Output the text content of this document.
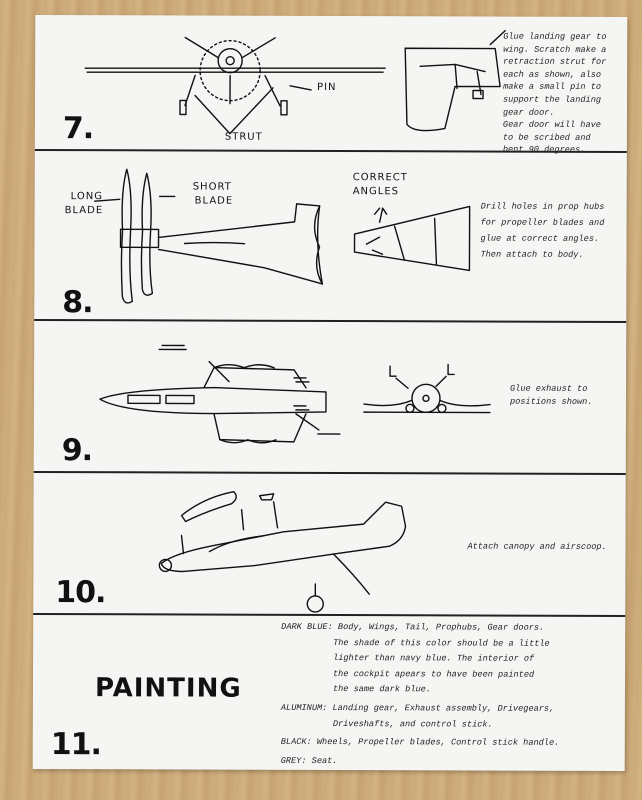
7.
PIN
STRUT
Glue landing gear to
wing. Scratch make a
retraction strut for
each as shown, also
make a small pin to
support the landing
gear door.
Gear door will have
to be scribed and
bent 90 degrees.
8.
LONG
BLADE
SHORT
BLADE
CORRECT
ANGLES
Drill holes in prop hubs
for propeller blades and
glue at correct angles.
Then attach to body.
9.
Glue exhaust to
positions shown.
10.
Attach canopy and airscoop.
11.
PAINTING
DARK BLUE: Body, Wings, Tail, Prophubs, Gear doors.
The shade of this color should be a little
lighter than navy blue. The interior of
the cockpit apears to have been painted
the same dark blue.
ALUMINUM: Landing gear, Exhaust assembly, Drivegears,
Driveshafts, and control stick.
BLACK: Wheels, Propeller blades, Control stick handle.
GREY: Seat.
